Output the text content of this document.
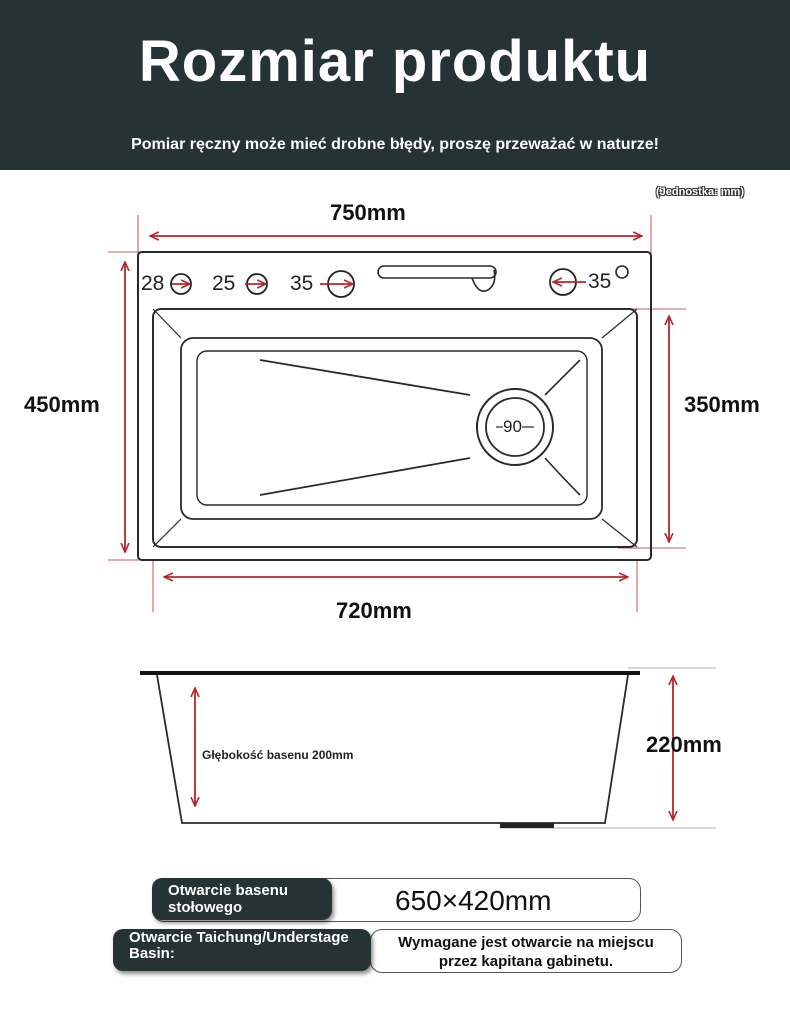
Rozmiar produktu
Pomiar ręczny może mieć drobne błędy, proszę przeważać w naturze!
(Jednostka: mm)
750mm
450mm	350mm
720mm
28 25	35	35
90
220mm
Głębokość basenu 200mm
650×420mm
Otwarcie basenu stołowego
Wymagane jest otwarcie na miejscu przez kapitana gabinetu.
Otwarcie Taichung/Understage Basin:
